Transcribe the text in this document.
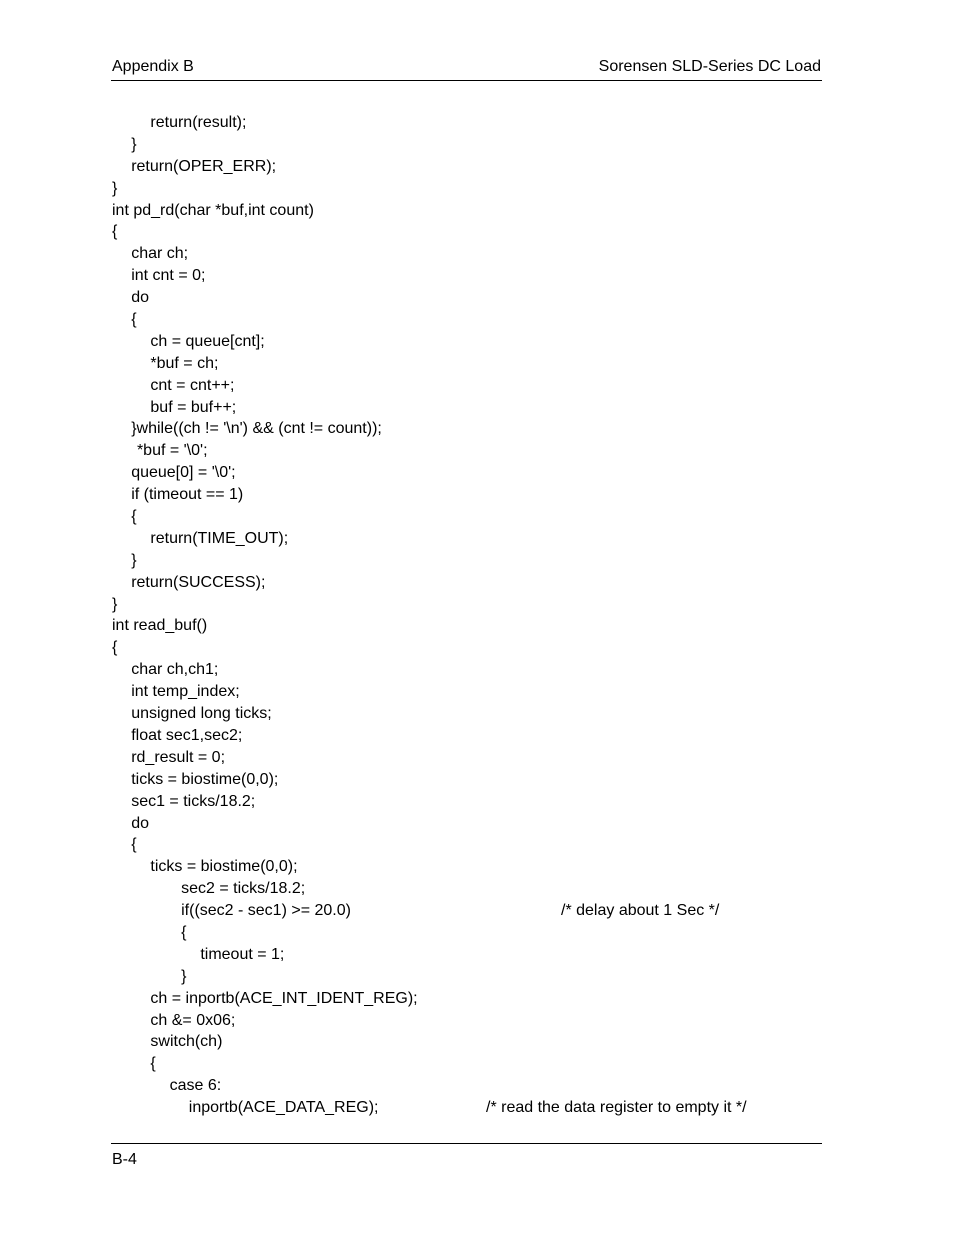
Appendix B	Sorensen SLD-Series DC Load
return(result);
}
return(OPER_ERR);
}
int pd_rd(char *buf,int count)
{
char ch;
int cnt = 0;
do
{
ch = queue[cnt];
*buf = ch;
cnt = cnt++;
buf = buf++;
}while((ch != '\n') && (cnt != count));
*buf = '\0';
queue[0] = '\0';
if (timeout == 1)
{
return(TIME_OUT);
}
return(SUCCESS);
}
int read_buf()
{
char ch,ch1;
int temp_index;
unsigned long ticks;
float sec1,sec2;
rd_result = 0;
ticks = biostime(0,0);
sec1 = ticks/18.2;
do
{
ticks = biostime(0,0);
sec2 = ticks/18.2;
if((sec2 - sec1) >= 20.0)	/* delay about 1 Sec */
{
timeout = 1;
}
ch = inportb(ACE_INT_IDENT_REG);
ch &= 0x06;
switch(ch)
{
case 6:
inportb(ACE_DATA_REG);	/* read the data register to empty it */
B-4
